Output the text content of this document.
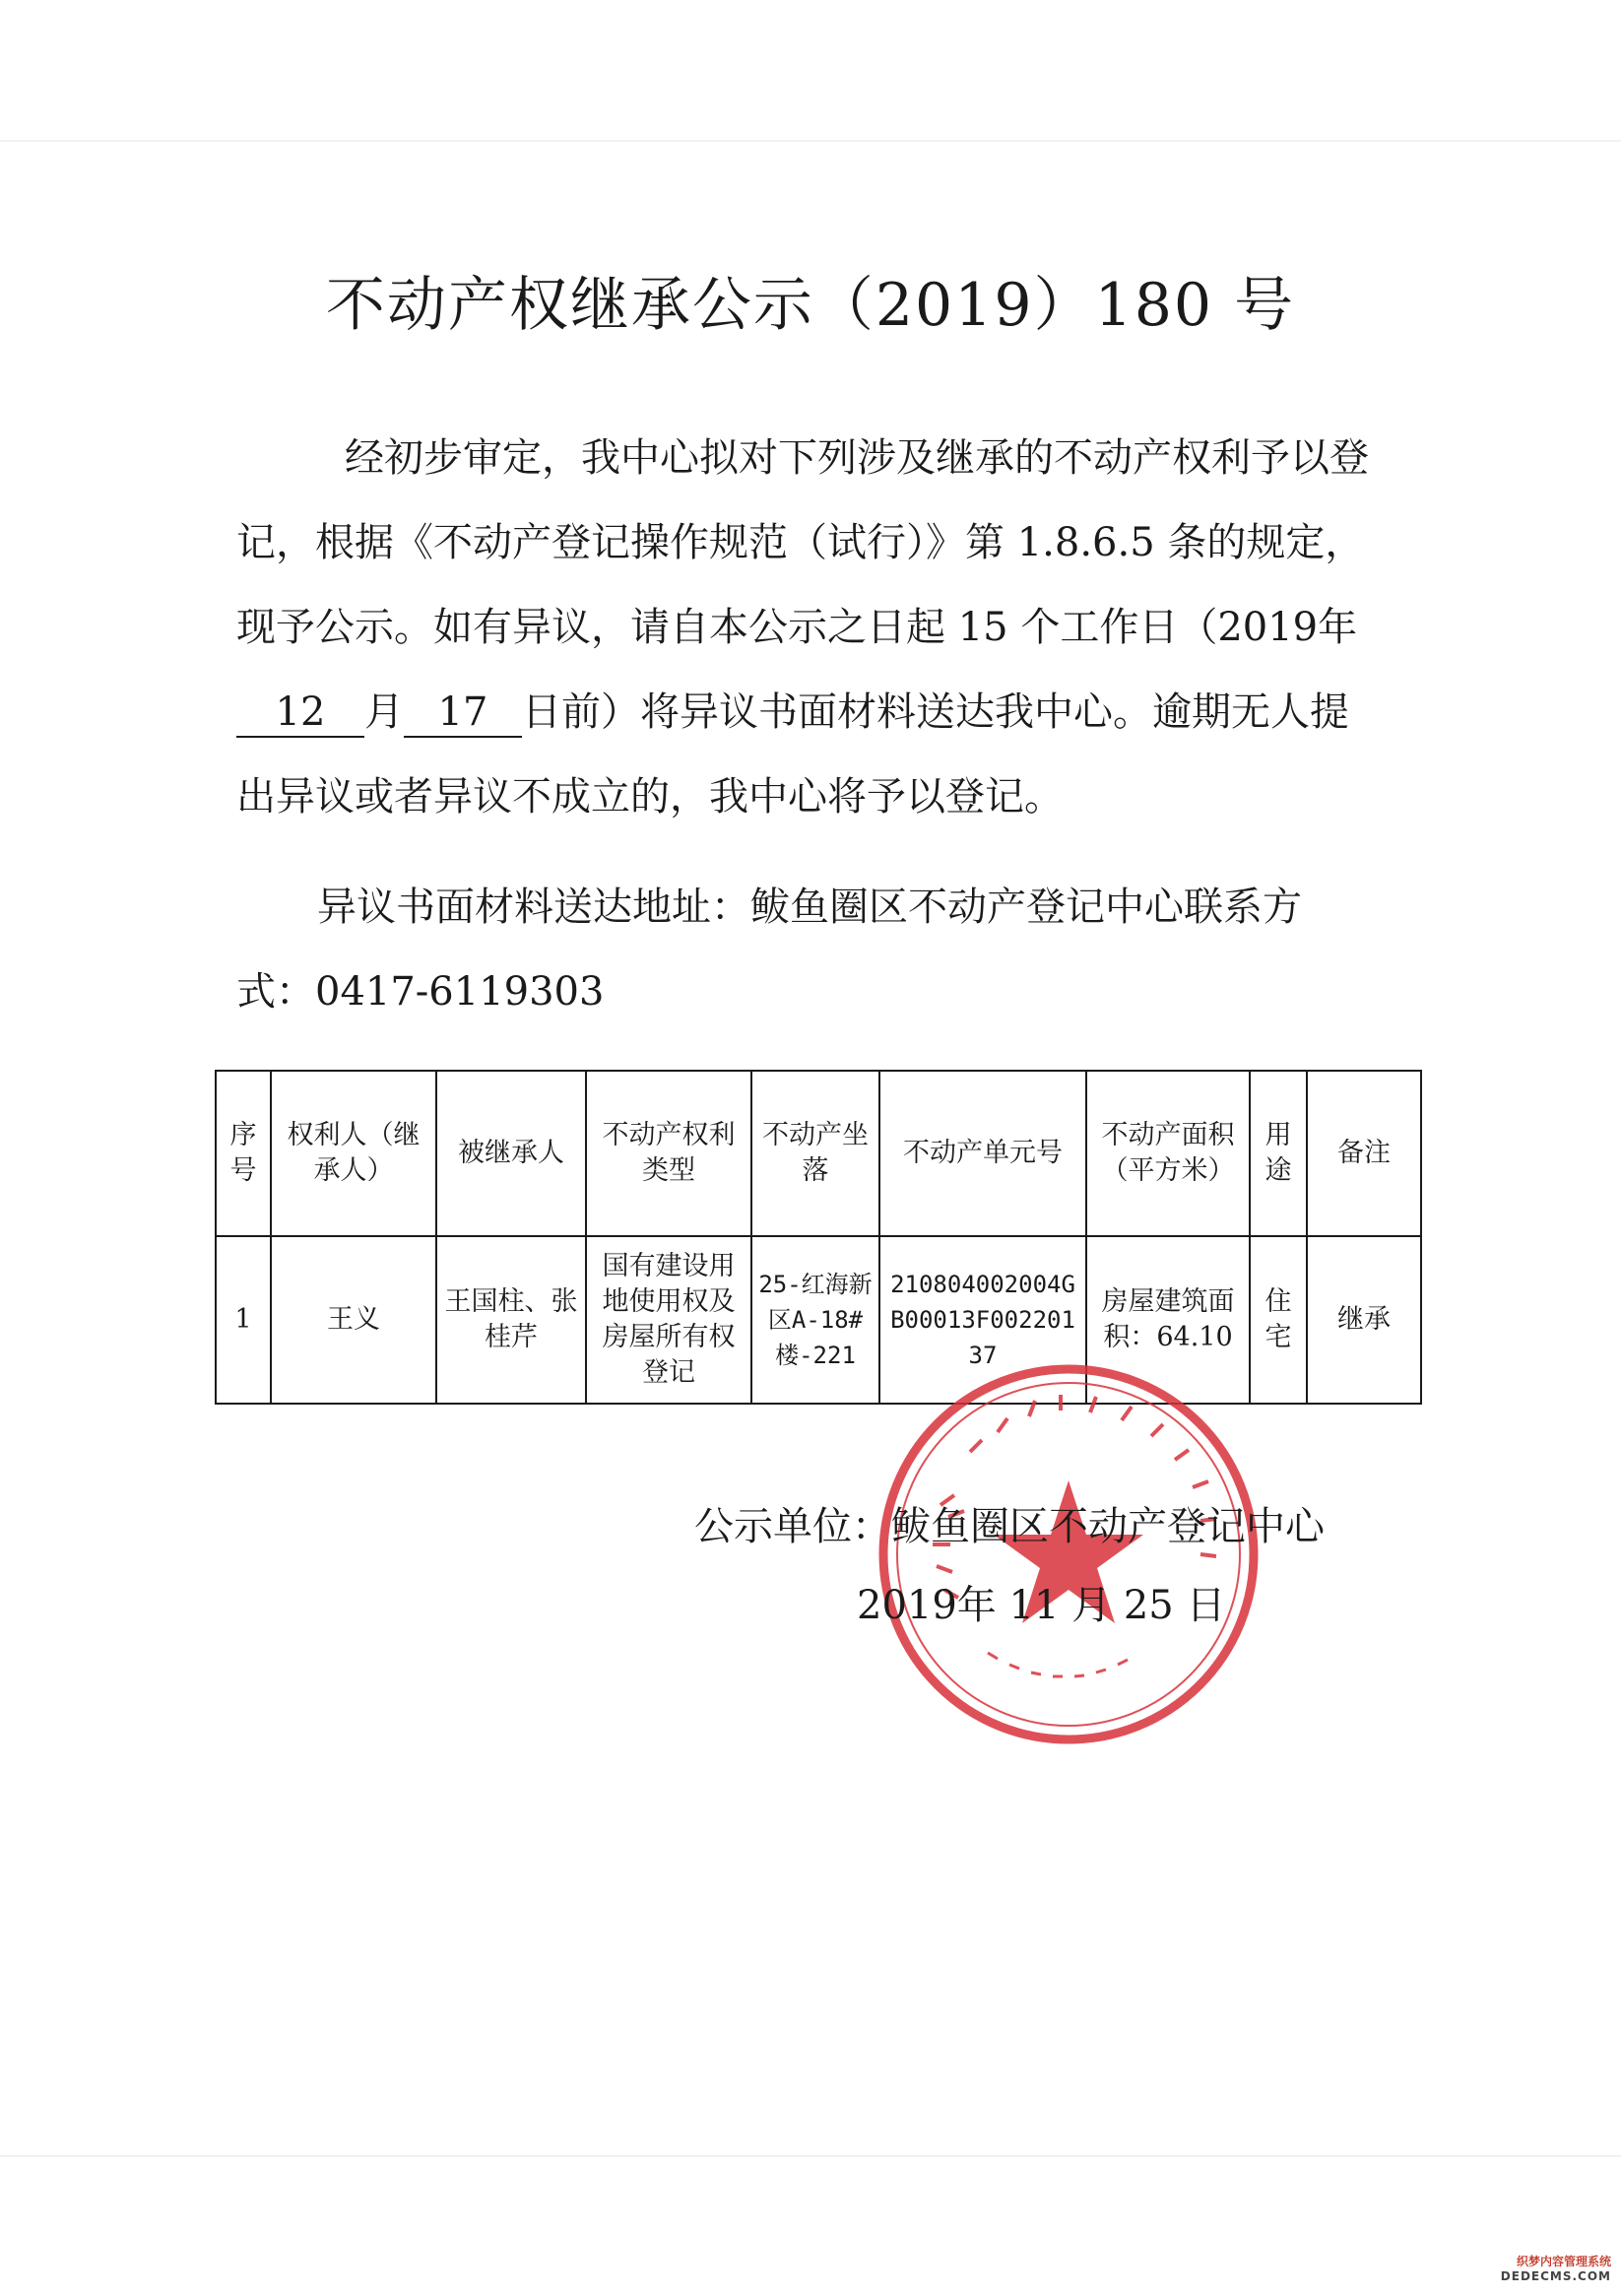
不动产权继承公示（2019）180 号
经初步审定，我中心拟对下列涉及继承的不动产权利予以登记，根据《不动产登记操作规范（试行）》第 1.8.6.5 条的规定，现予公示。如有异议，请自本公示之日起 15 个工作日（2019年12 月 17 日前）将异议书面材料送达我中心。逾期无人提出异议或者异议不成立的，我中心将予以登记。
异议书面材料送达地址：鲅鱼圈区不动产登记中心联系方式：0417-6119303
序号	权利人（继承人）	被继承人	不动产权利类型	不动产坐落	不动产单元号	不动产面积（平方米）	用途	备注
1	王义	王国柱、张桂芹	国有建设用地使用权及房屋所有权登记	25-红海新区A-18#楼-221	210804002004GB00013F00220137	房屋建筑面积：64.10	住宅	继承
公示单位：鲅鱼圈区不动产登记中心
2019年 11 月 25 日
织梦内容管理系统
DEDECMS.COM
